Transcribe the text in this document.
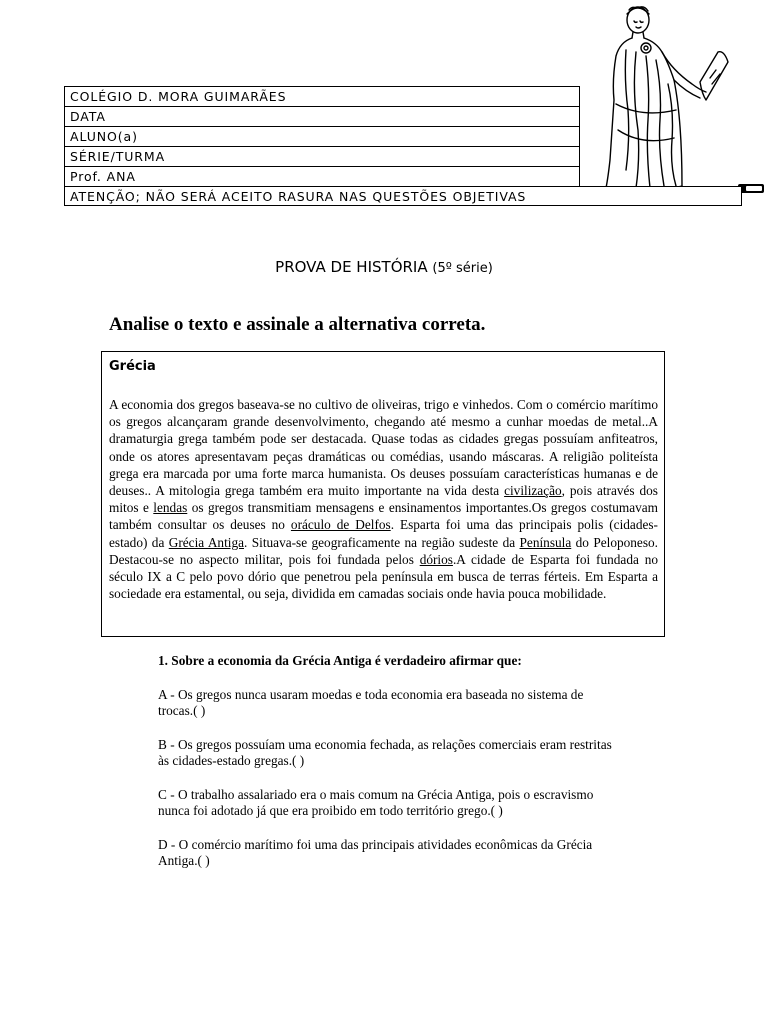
COLÉGIO D. MORA GUIMARÃES
DATA
ALUNO(a)
SÉRIE/TURMA
Prof. ANA
ATENÇÃO; NÃO SERÁ ACEITO RASURA NAS QUESTÕES OBJETIVAS
PROVA DE HISTÓRIA (5º série)
Analise o texto e assinale a alternativa correta.
Grécia
A economia dos gregos baseava-se no cultivo de oliveiras, trigo e vinhedos. Com o comércio marítimo os gregos alcançaram grande desenvolvimento, chegando até mesmo a cunhar moedas de metal..A dramaturgia grega também pode ser destacada. Quase todas as cidades gregas possuíam anfiteatros, onde os atores apresentavam peças dramáticas ou comédias, usando máscaras. A religião politeísta grega era marcada por uma forte marca humanista. Os deuses possuíam características humanas e de deuses.. A mitologia grega também era muito importante na vida desta civilização, pois através dos mitos e lendas os gregos transmitiam mensagens e ensinamentos importantes.Os gregos costumavam também consultar os deuses no oráculo de Delfos. Esparta foi uma das principais polis (cidades-estado) da Grécia Antiga. Situava-se geograficamente na região sudeste da Península do Peloponeso. Destacou-se no aspecto militar, pois foi fundada pelos dórios.A cidade de Esparta foi fundada no século IX a C pelo povo dório que penetrou pela península em busca de terras férteis. Em Esparta a sociedade era estamental, ou seja, dividida em camadas sociais onde havia pouca mobilidade.
1. Sobre a economia da Grécia Antiga é verdadeiro afirmar que:
A - Os gregos nunca usaram moedas e toda economia era baseada no sistema de trocas.( )
B - Os gregos possuíam uma economia fechada, as relações comerciais eram restritas às cidades-estado gregas.( )
C - O trabalho assalariado era o mais comum na Grécia Antiga, pois o escravismo nunca foi adotado já que era proibido em todo território grego.( )
D - O comércio marítimo foi uma das principais atividades econômicas da Grécia Antiga.( )
